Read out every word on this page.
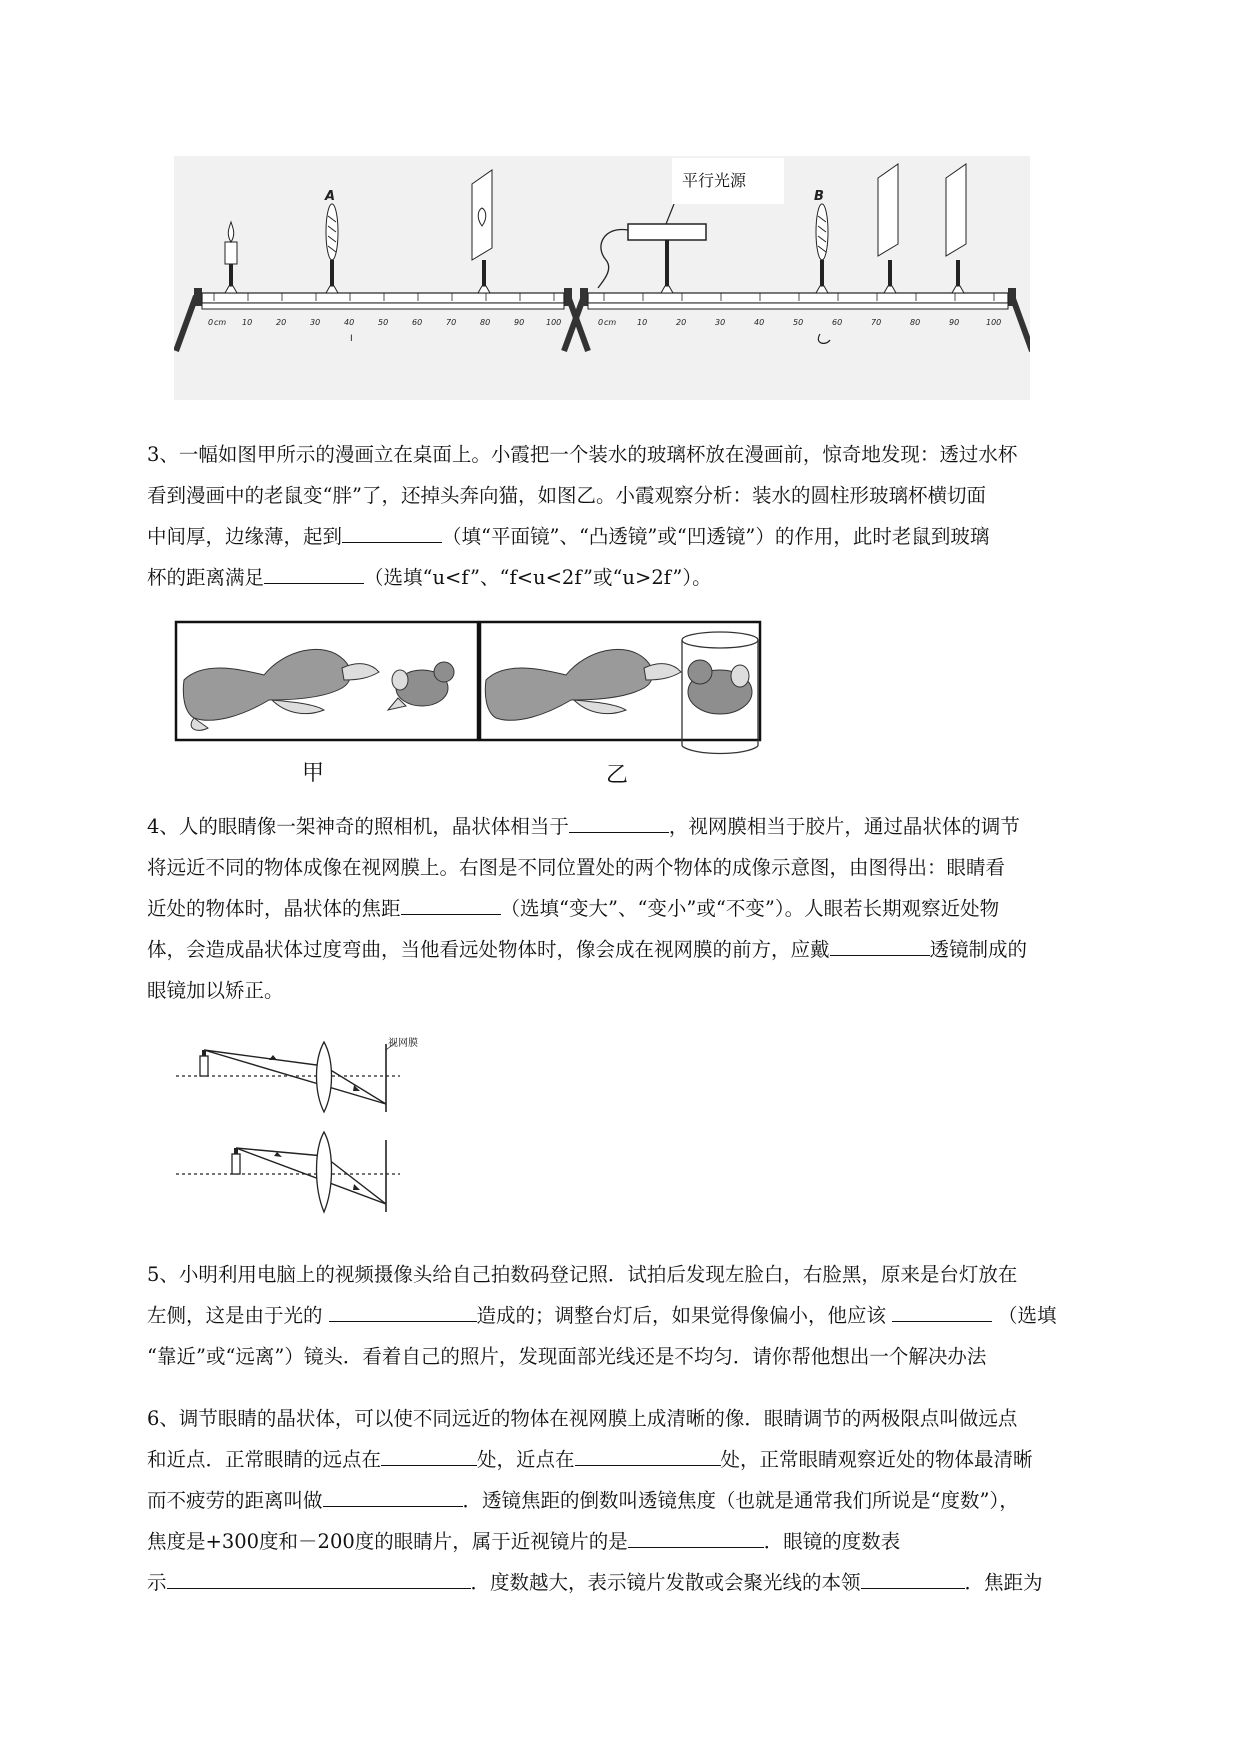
0 cm 10	20	30	40	50	60	70	80	90	100
A
I
0 cm	10	20	30	40	50	60	70	80	90	100
平行光源
B
3、一幅如图甲所示的漫画立在桌面上。小霞把一个装水的玻璃杯放在漫画前，惊奇地发现：透过水杯
看到漫画中的老鼠变“胖”了，还掉头奔向猫，如图乙。小霞观察分析：装水的圆柱形玻璃杯横切面
中间厚，边缘薄，起到	（填“平面镜”、“凸透镜”或“凹透镜”）的作用，此时老鼠到玻璃
杯的距离满足	（选填“u<f”、“f<u<2f”或“u>2f”）。
甲	乙
4、人的眼睛像一架神奇的照相机，晶状体相当于	，视网膜相当于胶片，通过晶状体的调节
将远近不同的物体成像在视网膜上。右图是不同位置处的两个物体的成像示意图，由图得出：眼睛看
近处的物体时，晶状体的焦距	（选填“变大”、“变小”或“不变”）。人眼若长期观察近处物
体，会造成晶状体过度弯曲，当他看远处物体时，像会成在视网膜的前方，应戴	透镜制成的
眼镜加以矫正。
视网膜
5、小明利用电脑上的视频摄像头给自己拍数码登记照．试拍后发现左脸白，右脸黑，原来是台灯放在
左侧，这是由于光的	造成的；调整台灯后，如果觉得像偏小，他应该	（选填
“靠近”或“远离”）镜头．看着自己的照片，发现面部光线还是不均匀．请你帮他想出一个解决办法
6、调节眼睛的晶状体，可以使不同远近的物体在视网膜上成清晰的像．眼睛调节的两极限点叫做远点
和近点．正常眼睛的远点在	处，近点在	处，正常眼睛观察近处的物体最清晰
而不疲劳的距离叫做	．透镜焦距的倒数叫透镜焦度（也就是通常我们所说是“度数”），
焦度是+300度和－200度的眼睛片，属于近视镜片的是	．眼镜的度数表
示	．度数越大，表示镜片发散或会聚光线的本领	．焦距为
